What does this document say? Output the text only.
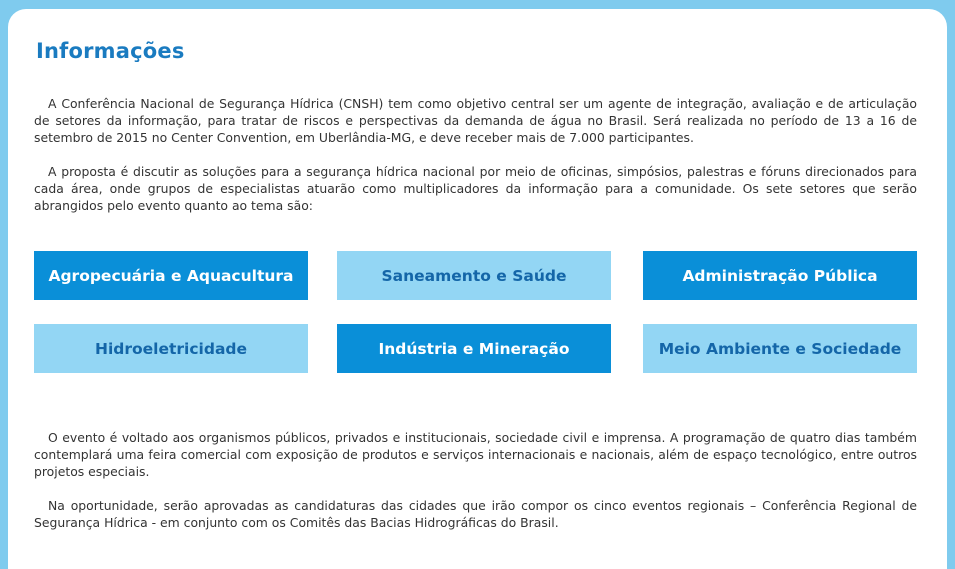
Informações

A Conferência Nacional de Segurança Hídrica (CNSH) tem como objetivo central ser um agente de integração, avaliação e de articulação de setores da informação, para tratar de riscos e perspectivas da demanda de água no Brasil. Será realizada no período de 13 a 16 de setembro de 2015 no Center Convention, em Uberlândia-MG, e deve receber mais de 7.000 participantes.

A proposta é discutir as soluções para a segurança hídrica nacional por meio de oficinas, simpósios, palestras e fóruns direcionados para cada área, onde grupos de especialistas atuarão como multiplicadores da informação para a comunidade. Os sete setores que serão abrangidos pelo evento quanto ao tema são:

Agropecuária e Aquacultura	Saneamento e Saúde	Administração Pública
Hidroeletricidade	Indústria e Mineração	Meio Ambiente e Sociedade

O evento é voltado aos organismos públicos, privados e institucionais, sociedade civil e imprensa. A programação de quatro dias também contemplará uma feira comercial com exposição de produtos e serviços internacionais e nacionais, além de espaço tecnológico, entre outros projetos especiais.

Na oportunidade, serão aprovadas as candidaturas das cidades que irão compor os cinco eventos regionais – Conferência Regional de Segurança Hídrica - em conjunto com os Comitês das Bacias Hidrográficas do Brasil.
